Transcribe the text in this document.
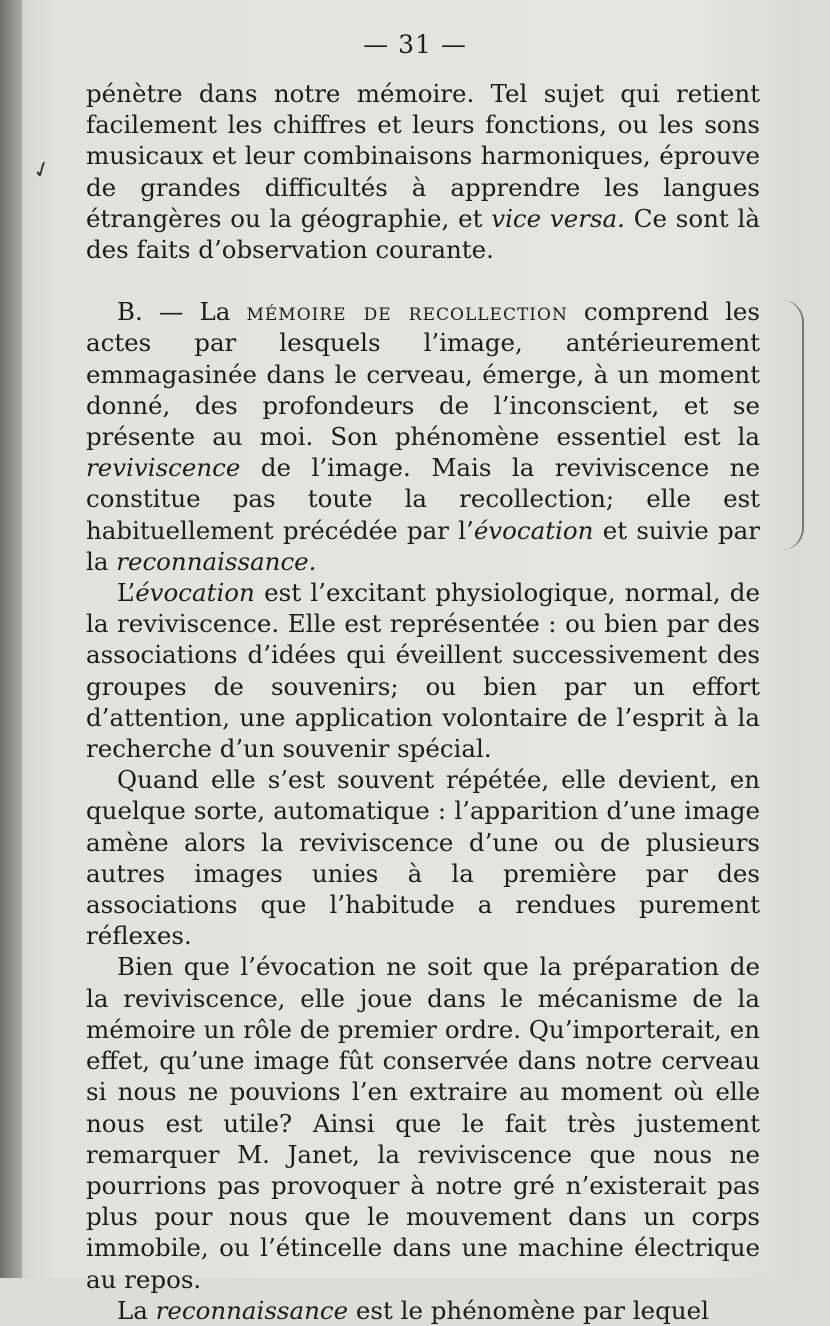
— 31 —
✓

pénètre dans notre mémoire. Tel sujet qui retient facilement les chiffres et leurs fonctions, ou les sons musicaux et leur combinaisons harmoniques, éprouve de grandes difficultés à apprendre les langues étrangères ou la géographie, et vice versa. Ce sont là des faits d’observation courante.

B. — La mémoire de recollection comprend les actes par lesquels l’image, antérieurement emmagasinée dans le cerveau, émerge, à un moment donné, des profondeurs de l’inconscient, et se présente au moi. Son phénomène essentiel est la reviviscence de l’image. Mais la reviviscence ne constitue pas toute la recollection; elle est habituellement précédée par l’évocation et suivie par la reconnaissance.

L’évocation est l’excitant physiologique, normal, de la reviviscence. Elle est représentée : ou bien par des associations d’idées qui éveillent successivement des groupes de souvenirs; ou bien par un effort d’attention, une application volontaire de l’esprit à la recherche d’un souvenir spécial.

Quand elle s’est souvent répétée, elle devient, en quelque sorte, automatique : l’apparition d’une image amène alors la reviviscence d’une ou de plusieurs autres images unies à la première par des associations que l’habitude a rendues purement réflexes.

Bien que l’évocation ne soit que la préparation de la reviviscence, elle joue dans le mécanisme de la mémoire un rôle de premier ordre. Qu’importerait, en effet, qu’une image fût conservée dans notre cerveau si nous ne pouvions l’en extraire au moment où elle nous est utile? Ainsi que le fait très justement remarquer M. Janet, la reviviscence que nous ne pourrions pas provoquer à notre gré n’existerait pas plus pour nous que le mouvement dans un corps immobile, ou l’étincelle dans une machine électrique au repos.

La reconnaissance est le phénomène par lequel
